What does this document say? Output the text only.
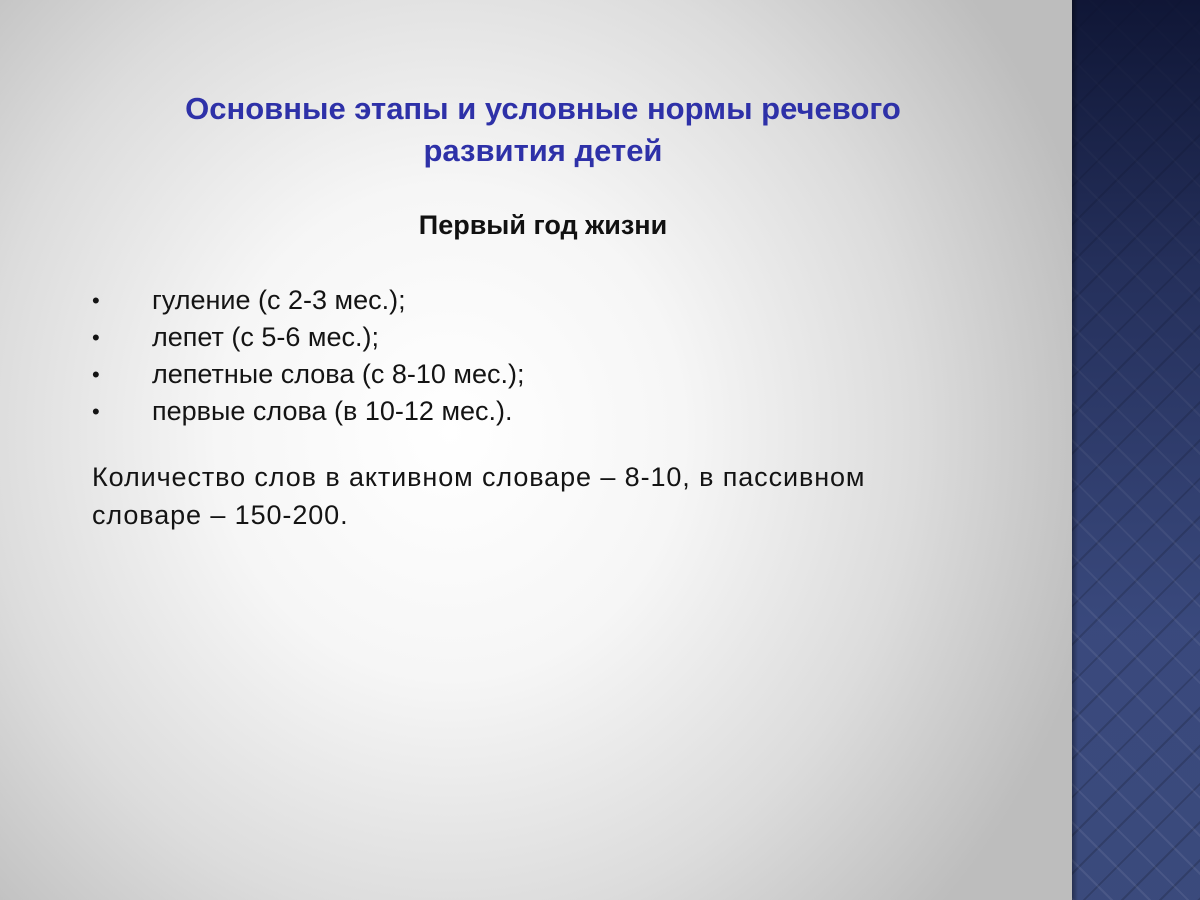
Основные этапы и условные нормы речевого
развития детей
Первый год жизни
•	гуление (с 2-3 мес.);
•	лепет (с 5-6 мес.);
•	лепетные слова (с 8-10 мес.);
•	первые слова (в 10-12 мес.).

Количество слов в активном словаре – 8-10, в пассивном
словаре – 150-200.
